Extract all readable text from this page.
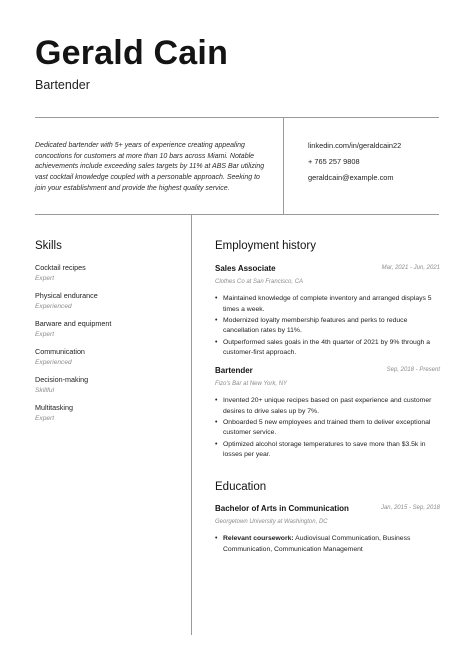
Gerald Cain
Bartender
Dedicated bartender with 5+ years of experience creating appealing concoctions for customers at more than 10 bars across Miami. Notable achievements include exceeding sales targets by 11% at ABS Bar utilizing vast cocktail knowledge coupled with a personable approach. Seeking to join your establishment and provide the highest quality service.
linkedin.com/in/geraldcain22
+ 765 257 9808
geraldcain@example.com
Skills
Cocktail recipes
Expert
Physical endurance
Experienced
Barware and equipment
Expert
Communication
Experienced
Decision-making
Skillful
Multitasking
Expert
Employment history
Sales Associate	Mar, 2021 - Jun, 2021
Clothes Co at San Francisco, CA
• Maintained knowledge of complete inventory and arranged displays 5 times a week.
• Modernized loyalty membership features and perks to reduce cancellation rates by 11%.
• Outperformed sales goals in the 4th quarter of 2021 by 9% through a customer-first approach.
Bartender	Sep, 2018 - Present
Fizo's Bar at New York, NY
• Invented 20+ unique recipes based on past experience and customer desires to drive sales up by 7%.
• Onboarded 5 new employees and trained them to deliver exceptional customer service.
• Optimized alcohol storage temperatures to save more than $3.5k in losses per year.
Education
Bachelor of Arts in Communication	Jan, 2015 - Sep, 2018
Georgetown University at Washington, DC
• Relevant coursework: Audiovisual Communication, Business Communication, Communication Management
